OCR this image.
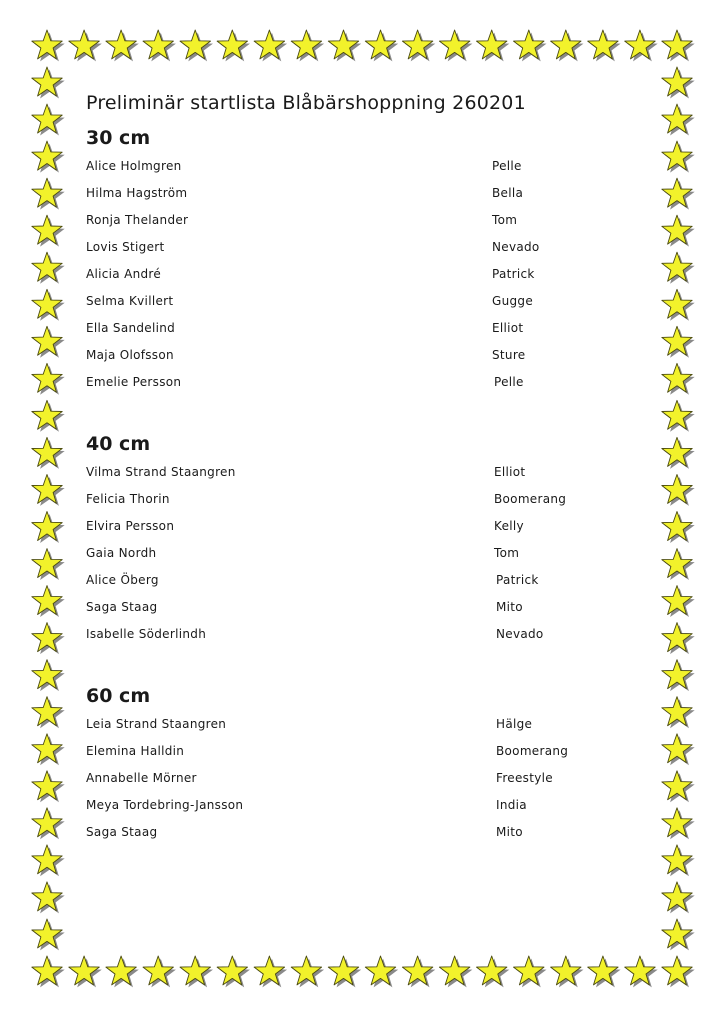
Preliminär startlista Blåbärshoppning 260201
30 cm
Alice Holmgren	Pelle
Hilma Hagström	Bella
Ronja Thelander	Tom
Lovis Stigert	Nevado
Alicia André	Patrick
Selma Kvillert	Gugge
Ella Sandelind	Elliot
Maja Olofsson	Sture
Emelie Persson	Pelle
40 cm
Vilma Strand Staangren	Elliot
Felicia Thorin	Boomerang
Elvira Persson	Kelly
Gaia Nordh	Tom
Alice Öberg	Patrick
Saga Staag	Mito
Isabelle Söderlindh	Nevado
60 cm
Leia Strand Staangren	Hälge
Elemina Halldin	Boomerang
Annabelle Mörner	Freestyle
Meya Tordebring-Jansson	India
Saga Staag	Mito
